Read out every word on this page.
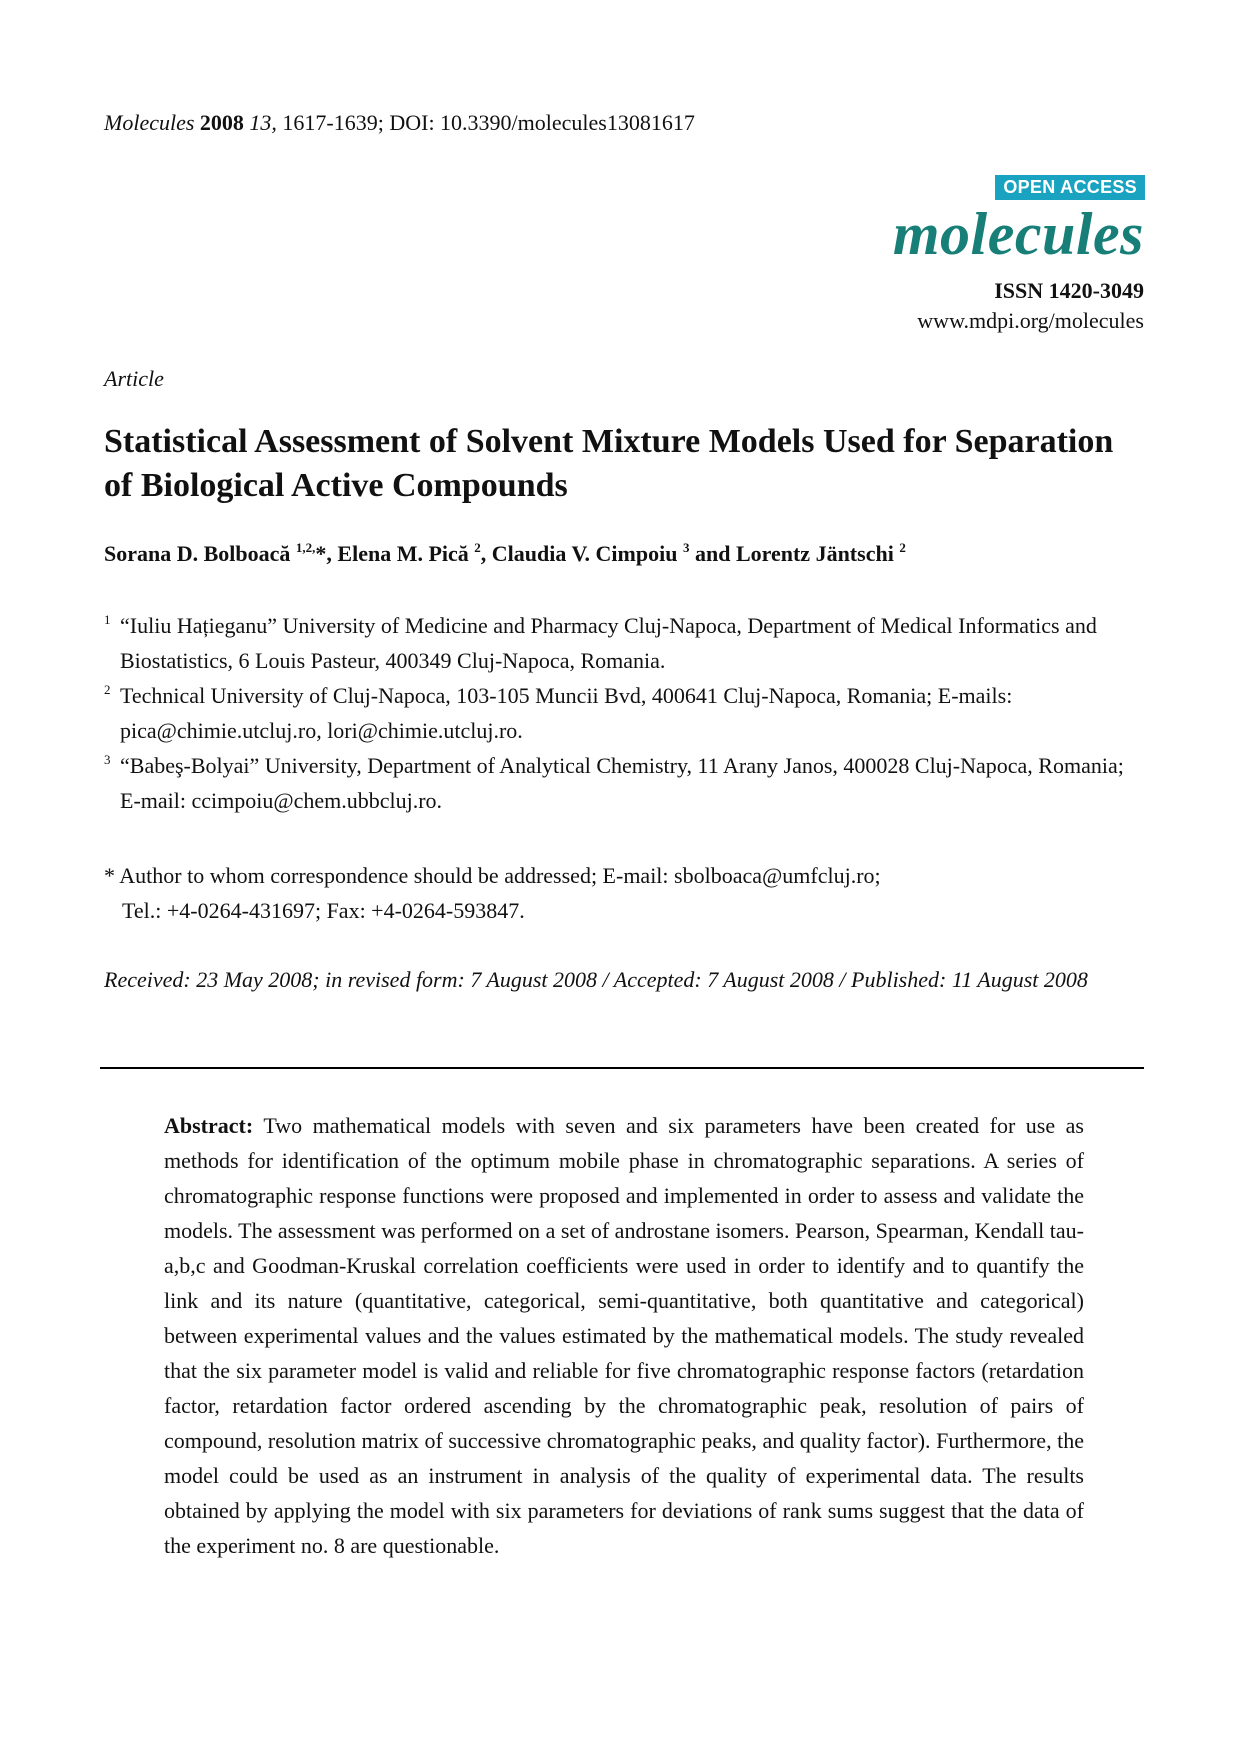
Molecules 2008 13, 1617-1639; DOI: 10.3390/molecules13081617
OPEN ACCESS
molecules
ISSN 1420-3049
www.mdpi.org/molecules
Article
Statistical Assessment of Solvent Mixture Models Used for Separation of Biological Active Compounds
Sorana D. Bolboacă $^{1,2,}$*, Elena M. Pică $^2$, Claudia V. Cimpoiu $^3$ and Lorentz Jäntschi $^2$
1 “Iuliu Hațieganu” University of Medicine and Pharmacy Cluj-Napoca, Department of Medical Informatics and Biostatistics, 6 Louis Pasteur, 400349 Cluj-Napoca, Romania.
2 Technical University of Cluj-Napoca, 103-105 Muncii Bvd, 400641 Cluj-Napoca, Romania; E-mails: pica@chimie.utcluj.ro, lori@chimie.utcluj.ro.
3 “Babeş-Bolyai” University, Department of Analytical Chemistry, 11 Arany Janos, 400028 Cluj-Napoca, Romania; E-mail: ccimpoiu@chem.ubbcluj.ro.
* Author to whom correspondence should be addressed; E-mail: sbolboaca@umfcluj.ro;
Tel.: +4-0264-431697; Fax: +4-0264-593847.
Received: 23 May 2008; in revised form: 7 August 2008 / Accepted: 7 August 2008 / Published: 11 August 2008
Abstract: Two mathematical models with seven and six parameters have been created for use as methods for identification of the optimum mobile phase in chromatographic separations. A series of chromatographic response functions were proposed and implemented in order to assess and validate the models. The assessment was performed on a set of androstane isomers. Pearson, Spearman, Kendall tau-a,b,c and Goodman-Kruskal correlation coefficients were used in order to identify and to quantify the link and its nature (quantitative, categorical, semi-quantitative, both quantitative and categorical) between experimental values and the values estimated by the mathematical models. The study revealed that the six parameter model is valid and reliable for five chromatographic response factors (retardation factor, retardation factor ordered ascending by the chromatographic peak, resolution of pairs of compound, resolution matrix of successive chromatographic peaks, and quality factor). Furthermore, the model could be used as an instrument in analysis of the quality of experimental data. The results obtained by applying the model with six parameters for deviations of rank sums suggest that the data of the experiment no. 8 are questionable.
